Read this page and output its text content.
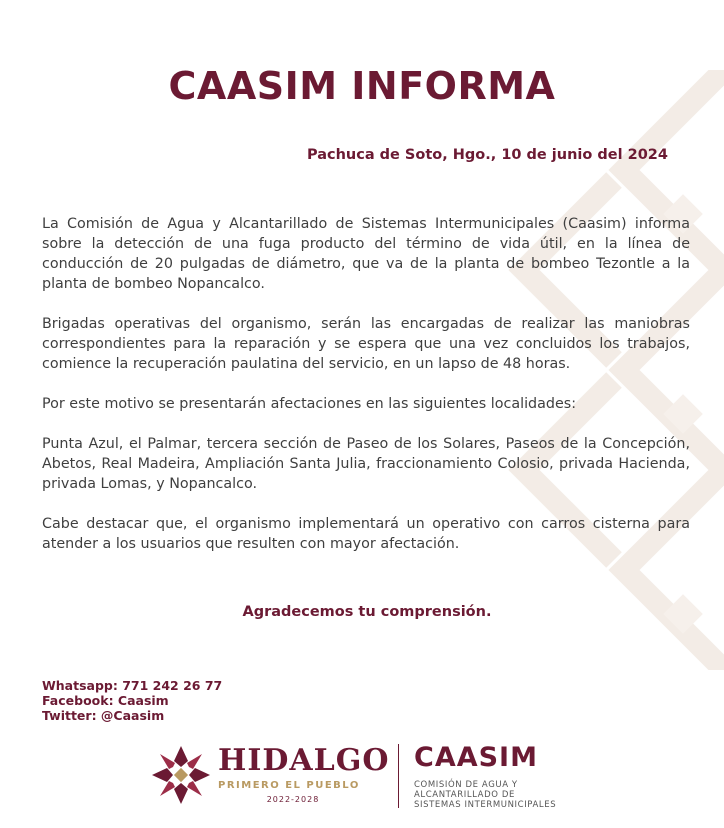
CAASIM INFORMA
Pachuca de Soto, Hgo., 10 de junio del 2024

La Comisión de Agua y Alcantarillado de Sistemas Intermunicipales (Caasim) informa sobre la detección de una fuga producto del término de vida útil, en la línea de conducción de 20 pulgadas de diámetro, que va de la planta de bombeo Tezontle a la planta de bombeo Nopancalco.

Brigadas operativas del organismo, serán las encargadas de realizar las maniobras correspondientes para la reparación y se espera que una vez concluidos los trabajos, comience la recuperación paulatina del servicio, en un lapso de 48 horas.

Por este motivo se presentarán afectaciones en las siguientes localidades:

Punta Azul, el Palmar, tercera sección de Paseo de los Solares, Paseos de la Concepción, Abetos, Real Madeira, Ampliación Santa Julia, fraccionamiento Colosio, privada Hacienda, privada Lomas, y Nopancalco.

Cabe destacar que, el organismo implementará un operativo con carros cisterna para atender a los usuarios que resulten con mayor afectación.

Agradecemos tu comprensión.
Whatsapp: 771 242 26 77
Facebook: Caasim
Twitter: @Caasim
HIDALGO
PRIMERO EL PUEBLO
2022-2028
CAASIM
COMISIÓN DE AGUA Y
ALCANTARILLADO DE
SISTEMAS INTERMUNICIPALES
